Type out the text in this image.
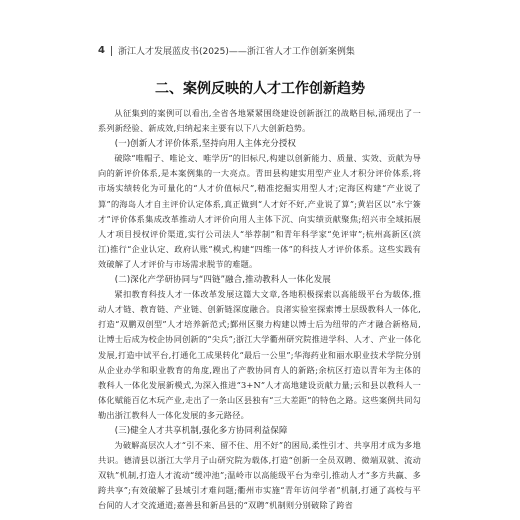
4 浙江人才发展蓝皮书(2025)——浙江省人才工作创新案例集
二、案例反映的人才工作创新趋势

从征集到的案例可以看出,全省各地紧紧围绕建设创新浙江的战略目标,涌现出了一系列新经验、新成效,归纳起来主要有以下八大创新趋势。

(一)创新人才评价体系,坚持向用人主体充分授权

破除“唯帽子、唯论文、唯学历”的旧标尺,构建以创新能力、质量、实效、贡献为导向的新评价体系,是本案例集的一大亮点。青田县构建实用型产业人才积分评价体系,将市场实绩转化为可量化的“人才价值标尺”,精准挖掘实用型人才;定海区构建“产业说了算”的海岛人才自主评价认定体系,真正做到“人才好不好,产业说了算”;黄岩区以“永宁簽才”评价体系集成改革推动人才评价向用人主体下沉、向实绩贡献聚焦;绍兴市全域拓展人才项目授权评价渠道,实行公司法人“举荐制”和青年科学家“免评审”;杭州高新区(滨江)推行“企业认定、政府认账”模式,构建“四维一体”的科技人才评价体系。这些实践有效破解了人才评价与市场需求脱节的难题。

(二)深化产学研协同与“四链”融合,推动教科人一体化发展

紧扣教育科技人才一体改革发展这篇大文章,各地积极探索以高能级平台为载体,推动人才链、教育链、产业链、创新链深度融合。良渚实验室探索博士层级教科人一体化,打造“双鹏双创型”人才培养新范式;鄞州区聚力构建以博士后为纽带的产才融合新格局,让博士后成为校企协同创新的“尖兵”;浙江大学衢州研究院推进学科、人才、产业一体化发展,打造中试平台,打通化工成果转化“最后一公里”;华海药业和丽水职业技术学院分别从企业办学和职业教育的角度,蹚出了产教协同育人的新路;余杭区打造以青年为主体的教科人一体化发展新模式,为深入推进“3+N”人才高地建设贡献力量;云和县以教科人一体化赋能百亿木玩产业,走出了一条山区县独有“三大差距”的特色之路。这些案例共同勾勒出浙江教科人一体化发展的多元路径。

(三)健全人才共享机制,强化多方协同利益保障

为破解高层次人才“引不来、留不住、用不好”的困局,柔性引才、共享用才成为多地共识。德清县以浙江大学月子山研究院为载体,打造“创新一全员双聘、微端双就、流动双轨”机制,打造人才流动“缓冲池”;温岭市以高能级平台为牵引,推动人才“多方共赢、多跨共享”;有效破解了县域引才难问题;衢州市实施“青年访问学者”机制,打通了高校与平台间的人才交流通道;嘉善县和新昌县的“双聘”机制则分别破除了跨省
